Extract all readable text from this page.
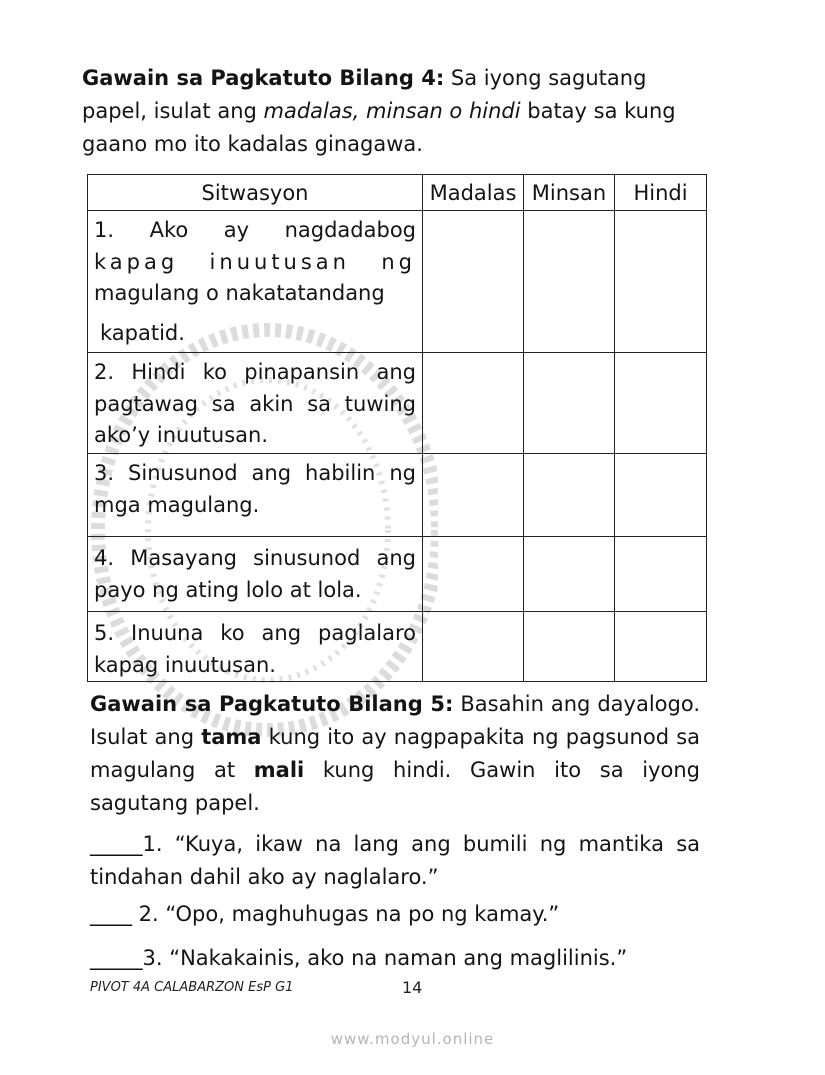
Gawain sa Pagkatuto Bilang 4: Sa iyong sagutang papel, isulat ang madalas, minsan o hindi batay sa kung gaano mo ito kadalas ginagawa.
Sitwasyon	Madalas	Minsan	Hindi

1. Ako ay nagdadabog
kapag inuutusan ng
magulang o nakatatandang
kapatid.			

2. Hindi ko pinapansin ang pagtawag sa akin sa tuwing ako’y inuutusan.			
3. Sinusunod ang habilin ng mga magulang.			
4. Masayang sinusunod ang payo ng ating lolo at lola.			
5. Inuuna ko ang paglalaro kapag inuutusan.			
Gawain sa Pagkatuto Bilang 5: Basahin ang dayalogo. Isulat ang tama kung ito ay nagpapakita ng pagsunod sa magulang at mali kung hindi. Gawin ito sa iyong sagutang papel.
_____1. “Kuya, ikaw na lang ang bumili ng mantika sa tindahan dahil ako ay naglalaro.”
____ 2. “Opo, maghuhugas na po ng kamay.”
_____3. “Nakakainis, ako na naman ang maglilinis.”
PIVOT 4A CALABARZON EsP G1	14
www.modyul.online
